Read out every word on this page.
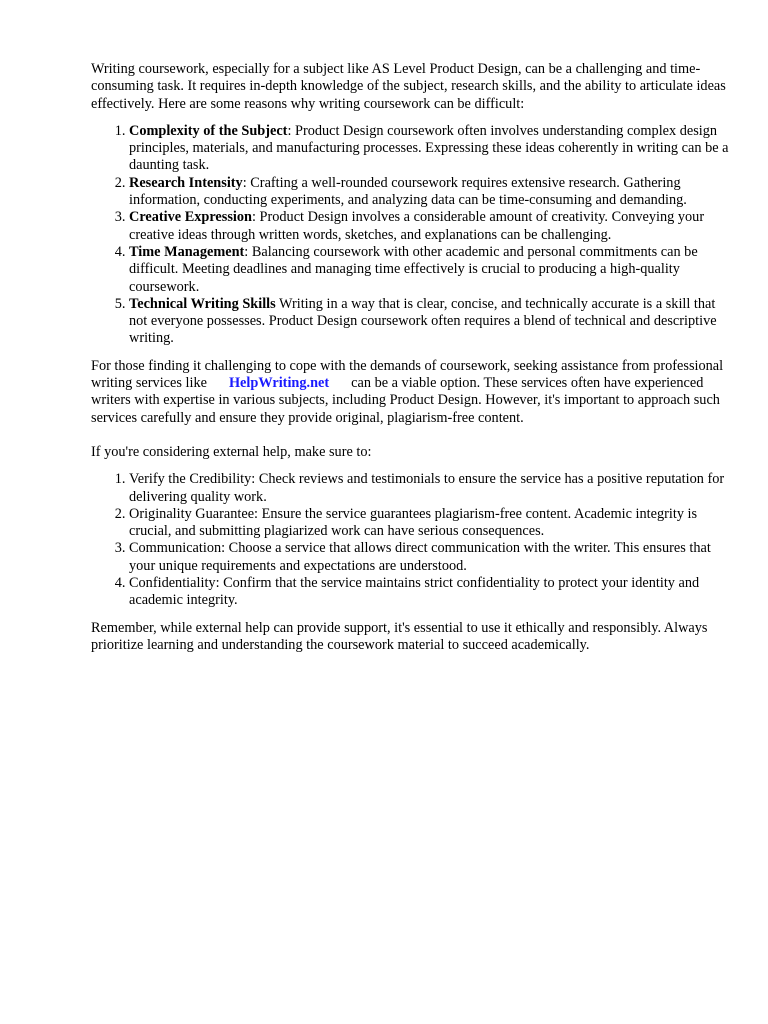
Writing coursework, especially for a subject like AS Level Product Design, can be a challenging and time-consuming task. It requires in-depth knowledge of the subject, research skills, and the ability to articulate ideas effectively. Here are some reasons why writing coursework can be difficult:

1. Complexity of the Subject: Product Design coursework often involves understanding complex design principles, materials, and manufacturing processes. Expressing these ideas coherently in writing can be a daunting task.
2. Research Intensity: Crafting a well-rounded coursework requires extensive research. Gathering information, conducting experiments, and analyzing data can be time-consuming and demanding.
3. Creative Expression: Product Design involves a considerable amount of creativity. Conveying your creative ideas through written words, sketches, and explanations can be challenging.
4. Time Management: Balancing coursework with other academic and personal commitments can be difficult. Meeting deadlines and managing time effectively is crucial to producing a high-quality coursework.
5. Technical Writing Skills Writing in a way that is clear, concise, and technically accurate is a skill that not everyone possesses. Product Design coursework often requires a blend of technical and descriptive writing.

For those finding it challenging to cope with the demands of coursework, seeking assistance from professional writing services like HelpWriting.net can be a viable option. These services often have experienced writers with expertise in various subjects, including Product Design. However, it's important to approach such services carefully and ensure they provide original, plagiarism-free content.

If you're considering external help, make sure to:

1. Verify the Credibility: Check reviews and testimonials to ensure the service has a positive reputation for delivering quality work.
2. Originality Guarantee: Ensure the service guarantees plagiarism-free content. Academic integrity is crucial, and submitting plagiarized work can have serious consequences.
3. Communication: Choose a service that allows direct communication with the writer. This ensures that your unique requirements and expectations are understood.
4. Confidentiality: Confirm that the service maintains strict confidentiality to protect your identity and academic integrity.

Remember, while external help can provide support, it's essential to use it ethically and responsibly. Always prioritize learning and understanding the coursework material to succeed academically.
